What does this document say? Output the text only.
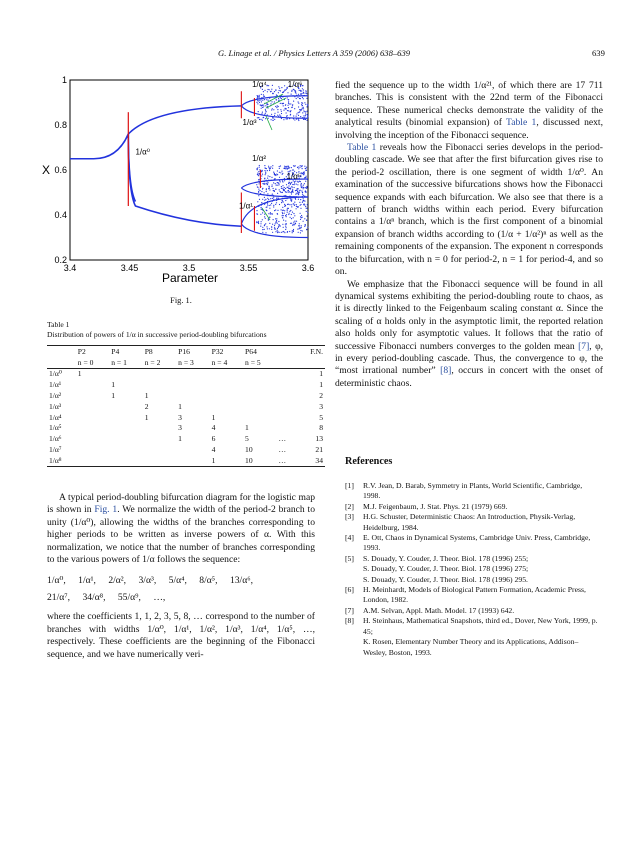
G. Linage et al. / Physics Letters A 359 (2006) 638–639	639
3.4	3.45	3.5	3.55	3.6
0.2
0.4
0.6
0.8
1
1/α⁰
1/α¹
1/α²
1/α³
1/α⁴
1/α⁵
1/α⁶
X
Parameter
Fig. 1.
Table 1
Distribution of powers of 1/α in successive period-doubling bifurcations
	P2	P4	P8	P16	P32	P64		F.N.
	n = 0	n = 1	n = 2	n = 3	n = 4	n = 5		
1/α⁰	1							1
1/α¹		1						1
1/α²		1	1					2
1/α³			2	1				3
1/α⁴			1	3	1			5
1/α⁵				3	4	1		8
1/α⁶				1	6	5	…	13
1/α⁷					4	10	…	21
1/α⁸					1	10	…	34

A typical period-doubling bifurcation diagram for the logistic map is shown in Fig. 1. We normalize the width of the period-2 branch to unity (1/α⁰), allowing the widths of the branches corresponding to higher periods to be written as inverse powers of α. With this normalization, we notice that the number of branches corresponding to the various powers of 1/α follows the sequence:

1/α⁰, 1/α¹, 2/α², 3/α³, 5/α⁴, 8/α⁵, 13/α⁶,
21/α⁷, 34/α⁸, 55/α⁹, …,

where the coefficients 1, 1, 2, 3, 5, 8, … correspond to the number of branches with widths 1/α⁰, 1/α¹, 1/α², 1/α³, 1/α⁴, 1/α⁵, …, respectively. These coefficients are the beginning of the Fibonacci sequence, and we have numerically veri-

fied the sequence up to the width 1/α²¹, of which there are 17 711 branches. This is consistent with the 22nd term of the Fibonacci sequence. These numerical checks demonstrate the validity of the analytical results (binomial expansion) of Table 1, discussed next, involving the inception of the Fibonacci sequence.

Table 1 reveals how the Fibonacci series develops in the period-doubling cascade. We see that after the first bifurcation gives rise to the period-2 oscillation, there is one segment of width 1/α⁰. An examination of the successive bifurcations shows how the Fibonacci sequence expands with each bifurcation. We also see that there is a pattern of branch widths within each period. Every bifurcation contains a 1/αⁿ branch, which is the first component of a binomial expansion of branch widths according to (1/α + 1/α²)ⁿ as well as the remaining components of the expansion. The exponent n corresponds to the bifurcation, with n = 0 for period-2, n = 1 for period-4, and so on.

We emphasize that the Fibonacci sequence will be found in all dynamical systems exhibiting the period-doubling route to chaos, as it is directly linked to the Feigenbaum scaling constant α. Since the scaling of α holds only in the asymptotic limit, the reported relation also holds only for asymptotic values. It follows that the ratio of successive Fibonacci numbers converges to the golden mean [7], φ, in every period-doubling cascade. Thus, the convergence to φ, the “most irrational number” [8], occurs in concert with the onset of deterministic chaos.

References
[1]	R.V. Jean, D. Barab, Symmetry in Plants, World Scientific, Cambridge, 1998.
[2]	M.J. Feigenbaum, J. Stat. Phys. 21 (1979) 669.
[3]	H.G. Schuster, Deterministic Chaos: An Introduction, Physik-Verlag, Heidelburg, 1984.
[4]	E. Ott, Chaos in Dynamical Systems, Cambridge Univ. Press, Cambridge, 1993.
[5]	S. Douady, Y. Couder, J. Theor. Biol. 178 (1996) 255;
S. Douady, Y. Couder, J. Theor. Biol. 178 (1996) 275;
S. Douady, Y. Couder, J. Theor. Biol. 178 (1996) 295.
[6]	H. Meinhardt, Models of Biological Pattern Formation, Academic Press, London, 1982.
[7]	A.M. Selvan, Appl. Math. Model. 17 (1993) 642.
[8]	H. Steinhaus, Mathematical Snapshots, third ed., Dover, New York, 1999, p. 45;
K. Rosen, Elementary Number Theory and its Applications, Addison–Wesley, Boston, 1993.
